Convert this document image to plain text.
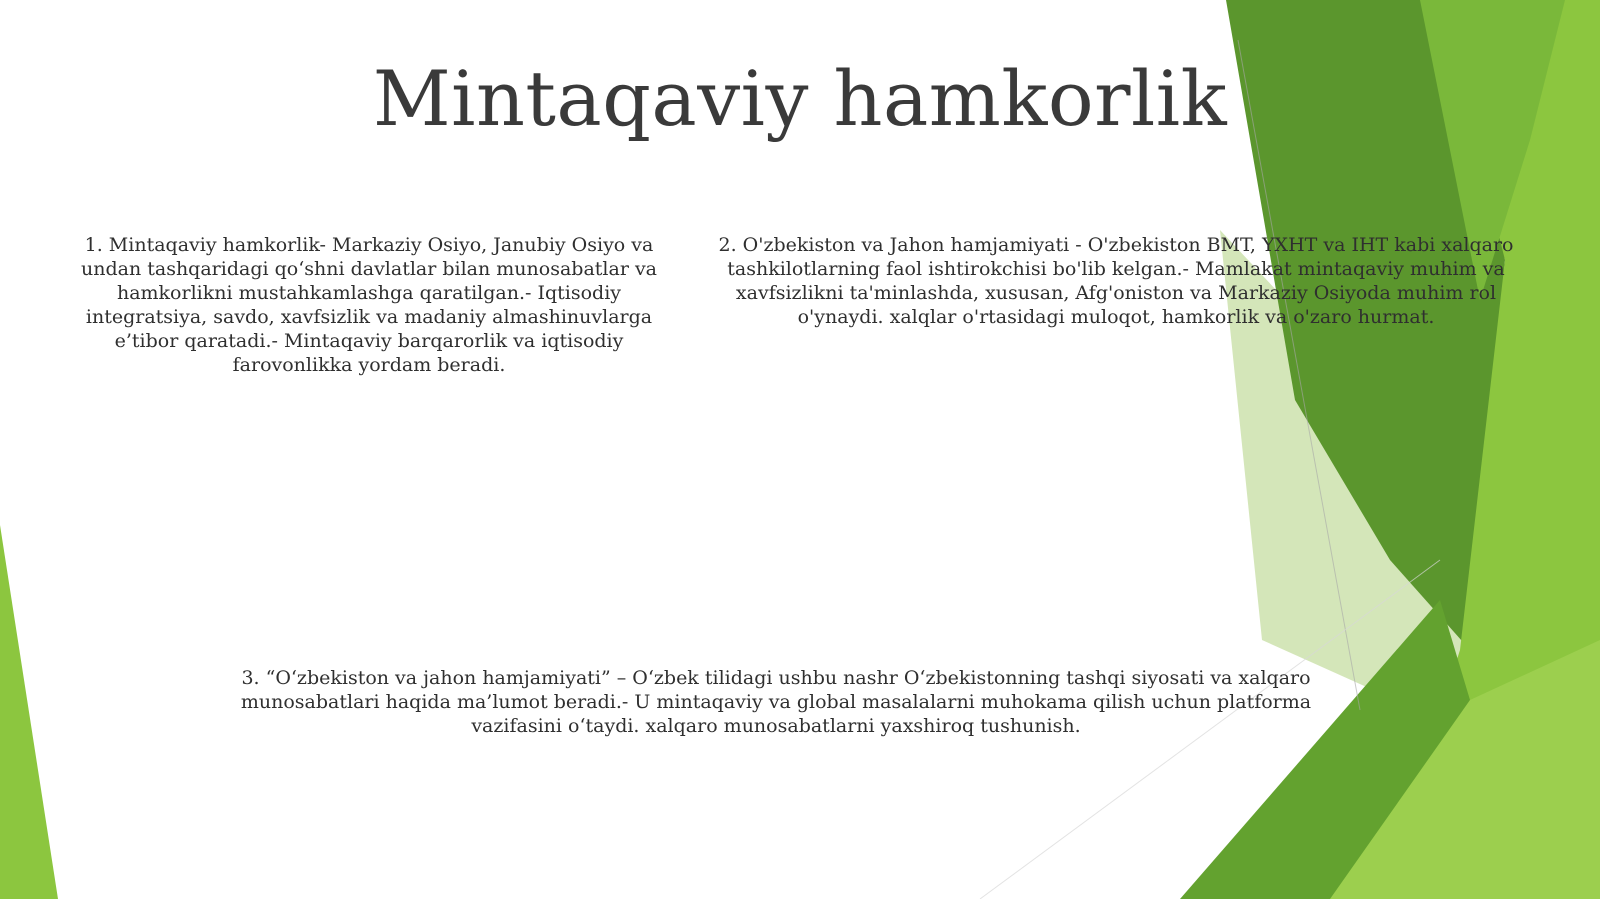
Mintaqaviy hamkorlik

1. Mintaqaviy hamkorlik- Markaziy Osiyo, Janubiy Osiyo va undan tashqaridagi qo‘shni davlatlar bilan munosabatlar va hamkorlikni mustahkamlashga qaratilgan.- Iqtisodiy integratsiya, savdo, xavfsizlik va madaniy almashinuvlarga e’tibor qaratadi.- Mintaqaviy barqarorlik va iqtisodiy farovonlikka yordam beradi.

2. O'zbekiston va Jahon hamjamiyati - O'zbekiston BMT, YXHT va IHT kabi xalqaro tashkilotlarning faol ishtirokchisi bo'lib kelgan.- Mamlakat mintaqaviy muhim va xavfsizlikni ta'minlashda, xususan, Afg'oniston va Markaziy Osiyoda muhim rol o'ynaydi. xalqlar o'rtasidagi muloqot, hamkorlik va o'zaro hurmat.

3. “O‘zbekiston va jahon hamjamiyati” – O‘zbek tilidagi ushbu nashr O‘zbekistonning tashqi siyosati va xalqaro munosabatlari haqida ma’lumot beradi.- U mintaqaviy va global masalalarni muhokama qilish uchun platforma vazifasini o‘taydi. xalqaro munosabatlarni yaxshiroq tushunish.
